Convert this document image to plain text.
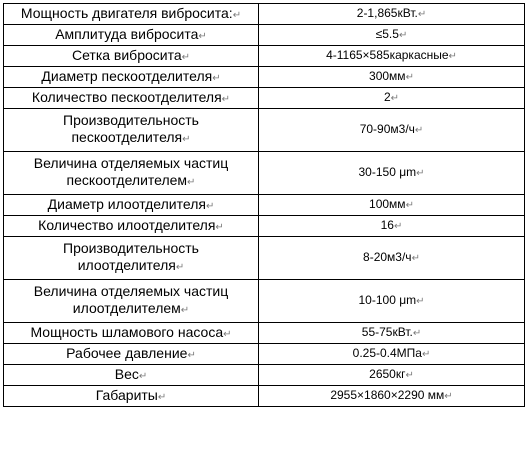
Мощность двигателя вибросита:↵	2-1,865кВт.↵
Амплитуда вибросита↵	≤5.5↵
Сетка вибросита↵	4-1165×585каркасные↵
Диаметр пескоотделителя↵	300мм↵
Количество пескоотделителя↵	2↵
Производительность пескоотделителя↵	70-90м3/ч↵
Величина отделяемых частиц пескоотделителем↵	30-150 μm↵
Диаметр илоотделителя↵	100мм↵
Количество илоотделителя↵	16↵
Производительность илоотделителя↵	8-20м3/ч↵
Величина отделяемых частиц илоотделителем↵	10-100 μm↵
Мощность шламового насоса↵	55-75кВт.↵
Рабочее давление↵	0.25-0.4МПа↵
Вес↵	2650кг↵
Габариты↵	2955×1860×2290 мм↵
